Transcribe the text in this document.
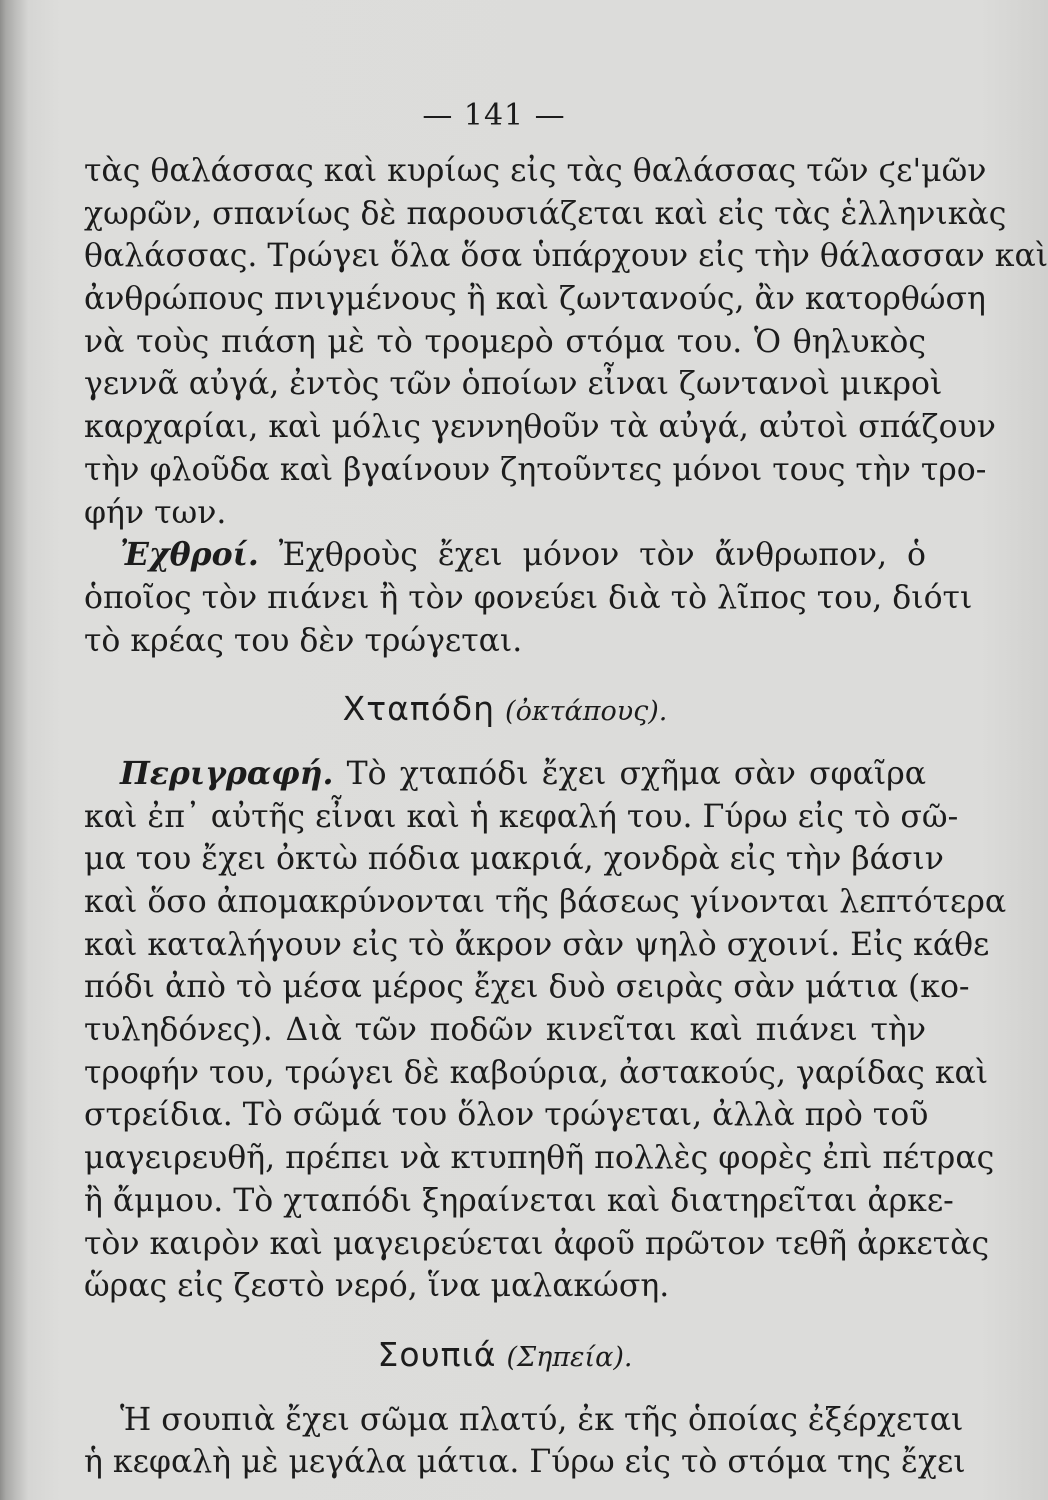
— 141 —
τὰς θαλάσσας καὶ κυρίως εἰς τὰς θαλάσσας τῶν ϛε'μῶν
χωρῶν, σπανίως δὲ παρουσιάζεται καὶ εἰς τὰς ἑλληνικὰς
θαλάσσας. Τρώγει ὅλα ὅσα ὑπάρχουν εἰς τὴν θάλασσαν καὶ
ἀνθρώπους πνιγμένους ἢ καὶ ζωντανούς, ἂν κατορθώση
νὰ τοὺς πιάση μὲ τὸ τρομερὸ στόμα του. Ὁ θηλυκὸς
γεννᾶ αὐγά, ἐντὸς τῶν ὁποίων εἶναι ζωντανοὶ μικροὶ
καρχαρίαι, καὶ μόλις γεννηθοῦν τὰ αὐγά, αὐτοὶ σπάζουν
τὴν φλοῦδα καὶ βγαίνουν ζητοῦντες μόνοι τους τὴν τρο-
φήν των.
Ἐχθροί. Ἐχθροὺς ἔχει μόνον τὸν ἄνθρωπον, ὁ
ὁποῖος τὸν πιάνει ἢ τὸν φονεύει διὰ τὸ λῖπος του, διότι
τὸ κρέας του δὲν τρώγεται.
Χταπόδη (ὀκτάπους).
Περιγραφή. Τὸ χταπόδι ἔχει σχῆμα σὰν σφαῖρα
καὶ ἐπ᾽ αὐτῆς εἶναι καὶ ἡ κεφαλή του. Γύρω εἰς τὸ σῶ-
μα του ἔχει ὀκτὼ πόδια μακριά, χονδρὰ εἰς τὴν βάσιν
καὶ ὅσο ἀπομακρύνονται τῆς βάσεως γίνονται λεπτότερα
καὶ καταλήγουν εἰς τὸ ἄκρον σὰν ψηλὸ σχοινί. Εἰς κάθε
πόδι ἀπὸ τὸ μέσα μέρος ἔχει δυὸ σειρὰς σὰν μάτια (κο-
τυληδόνες). Διὰ τῶν ποδῶν κινεῖται καὶ πιάνει τὴν
τροφήν του, τρώγει δὲ καβούρια, ἀστακούς, γαρίδας καὶ
στρείδια. Τὸ σῶμά του ὅλον τρώγεται, ἀλλὰ πρὸ τοῦ
μαγειρευθῆ, πρέπει νὰ κτυπηθῆ πολλὲς φορὲς ἐπὶ πέτρας
ἢ ἄμμου. Τὸ χταπόδι ξηραίνεται καὶ διατηρεῖται ἀρκε-
τὸν καιρὸν καὶ μαγειρεύεται ἀφοῦ πρῶτον τεθῆ ἀρκετὰς
ὥρας εἰς ζεστὸ νερό, ἵνα μαλακώση.
Σουπιά (Σηπεία).
Ἡ σουπιὰ ἔχει σῶμα πλατύ, ἐκ τῆς ὁποίας ἐξέρχεται
ἡ κεφαλὴ μὲ μεγάλα μάτια. Γύρω εἰς τὸ στόμα της ἔχει
